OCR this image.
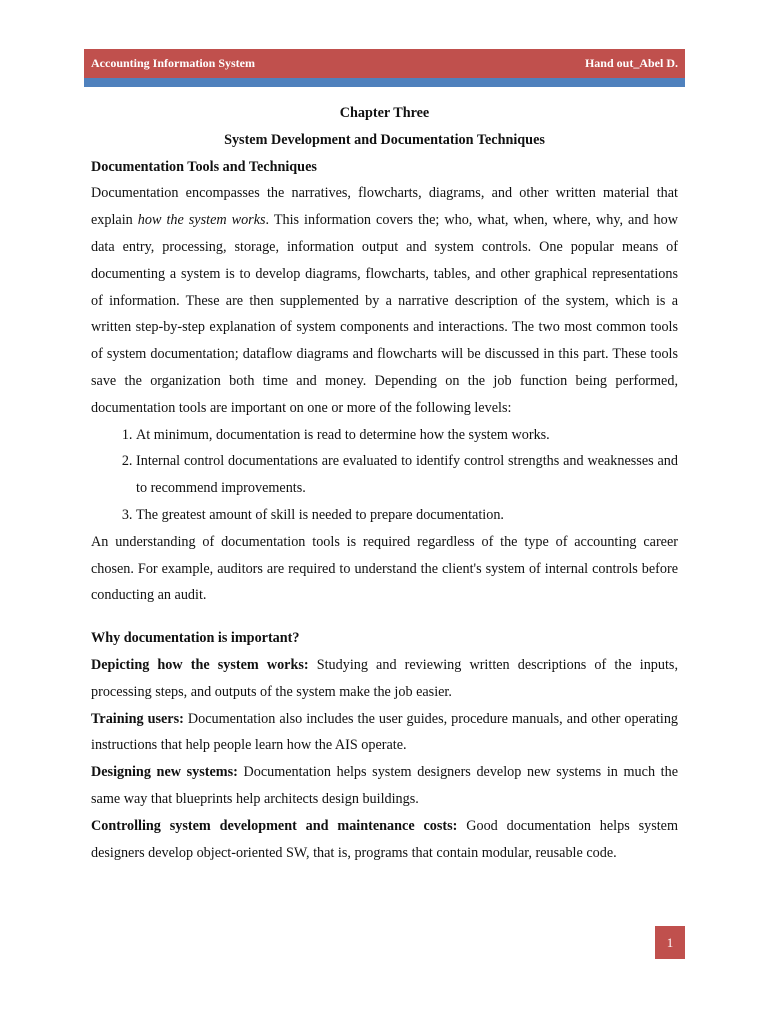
Accounting Information System	Hand out_Abel D.
Chapter Three
System Development and Documentation Techniques
Documentation Tools and Techniques

Documentation encompasses the narratives, flowcharts, diagrams, and other written material that explain how the system works. This information covers the; who, what, when, where, why, and how data entry, processing, storage, information output and system controls. One popular means of documenting a system is to develop diagrams, flowcharts, tables, and other graphical representations of information. These are then supplemented by a narrative description of the system, which is a written step-by-step explanation of system components and interactions. The two most common tools of system documentation; dataflow diagrams and flowcharts will be discussed in this part. These tools save the organization both time and money. Depending on the job function being performed, documentation tools are important on one or more of the following levels:

1. At minimum, documentation is read to determine how the system works.
2. Internal control documentations are evaluated to identify control strengths and weaknesses and to recommend improvements.
3. The greatest amount of skill is needed to prepare documentation.

An understanding of documentation tools is required regardless of the type of accounting career chosen. For example, auditors are required to understand the client's system of internal controls before conducting an audit.

Why documentation is important?

Depicting how the system works: Studying and reviewing written descriptions of the inputs, processing steps, and outputs of the system make the job easier.

Training users: Documentation also includes the user guides, procedure manuals, and other operating instructions that help people learn how the AIS operate.

Designing new systems: Documentation helps system designers develop new systems in much the same way that blueprints help architects design buildings.

Controlling system development and maintenance costs: Good documentation helps system designers develop object-oriented SW, that is, programs that contain modular, reusable code.

1
